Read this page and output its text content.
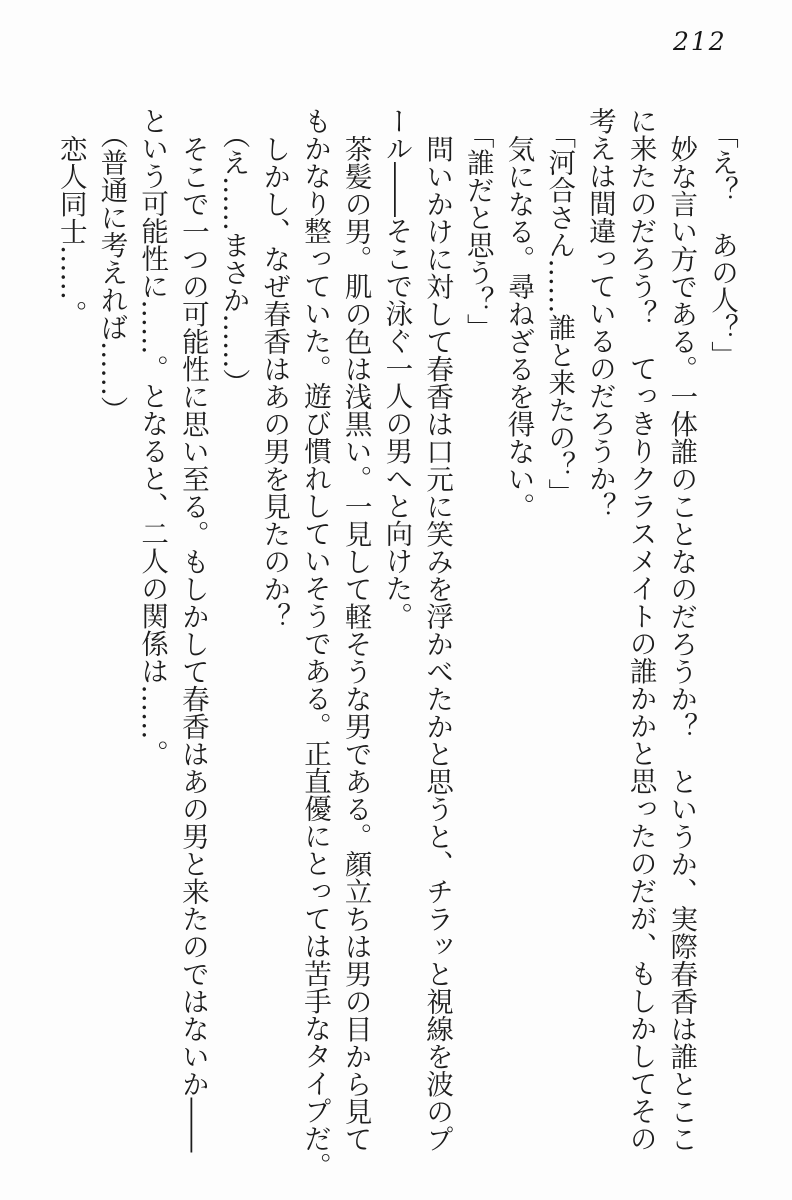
212

「え？　あの人？」

妙な言い方である。一体誰のことなのだろうか？　というか、実際春香は誰とここ

に来たのだろう？　てっきりクラスメイトの誰かかと思ったのだが、もしかしてその

考えは間違っているのだろうか？

「河合さん……誰と来たの？」

気になる。尋ねざるを得ない。

「誰だと思う？」

問いかけに対して春香は口元に笑みを浮かべたかと思うと、チラッと視線を波のプ

ール――そこで泳ぐ一人の男へと向けた。

茶髪の男。肌の色は浅黒い。一見して軽そうな男である。顔立ちは男の目から見て

もかなり整っていた。遊び慣れしていそうである。正直優にとっては苦手なタイプだ。

しかし、なぜ春香はあの男を見たのか？

（え……まさか……）

そこで一つの可能性に思い至る。もしかして春香はあの男と来たのではないか――

という可能性に……。となると、二人の関係は……。

（普通に考えれば……）

恋人同士……。
